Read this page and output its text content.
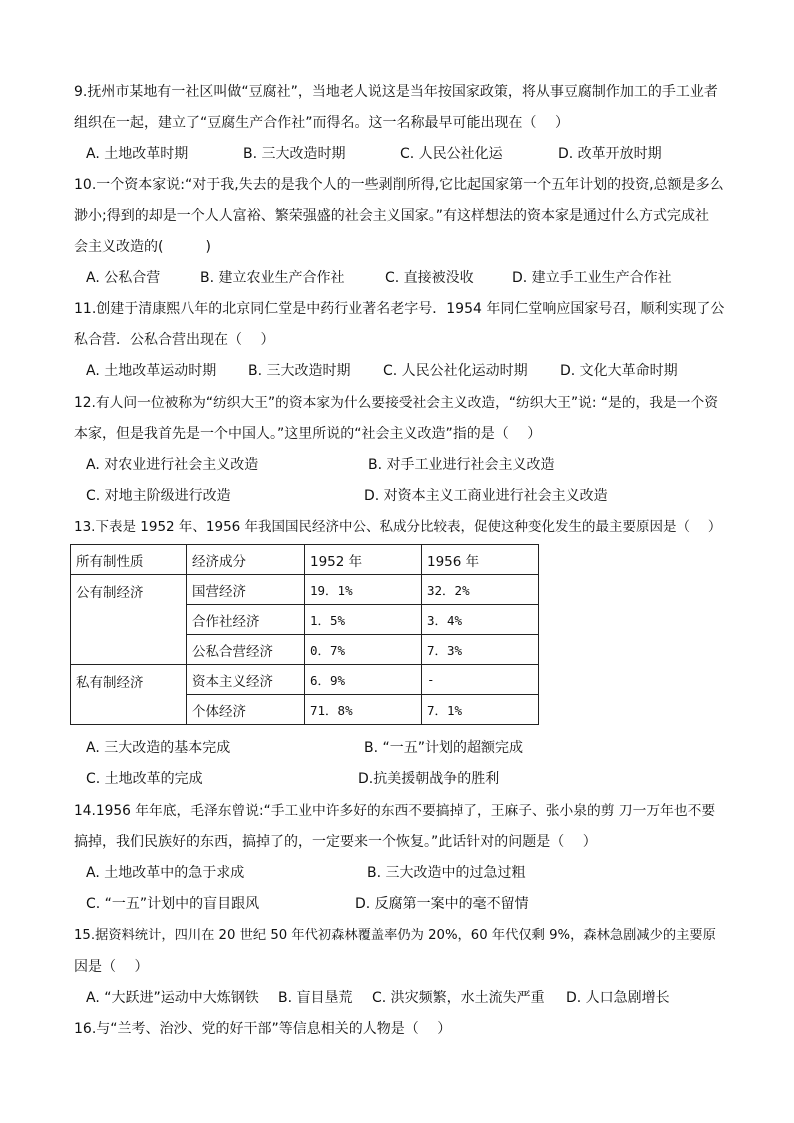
9.抚州市某地有一社区叫做“豆腐社”，当地老人说这是当年按国家政策，将从事豆腐制作加工的手工业者
组织在一起，建立了“豆腐生产合作社”而得名。这一名称最早可能出现在（　 ）
A. 土地改革时期	B. 三大改造时期	C. 人民公社化运	D. 改革开放时期
10.一个资本家说:“对于我,失去的是我个人的一些剥削所得,它比起国家第一个五年计划的投资,总额是多么
渺小;得到的却是一个人人富裕、繁荣强盛的社会主义国家。”有这样想法的资本家是通过什么方式完成社
会主义改造的(　　　)
A. 公私合营	B. 建立农业生产合作社	C. 直接被没收	D. 建立手工业生产合作社
11.创建于清康熙八年的北京同仁堂是中药行业著名老字号．1954 年同仁堂响应国家号召，顺利实现了公
私合营．公私合营出现在（　 ）
A. 土地改革运动时期 B. 三大改造时期 C. 人民公社化运动时期 D. 文化大革命时期
12.有人问一位被称为“纺织大王”的资本家为什么要接受社会主义改造，“纺织大王”说: “是的，我是一个资
本家，但是我首先是一个中国人。”这里所说的“社会主义改造”指的是（　 ）
A. 对农业进行社会主义改造	B. 对手工业进行社会主义改造
C. 对地主阶级进行改造	D. 对资本主义工商业进行社会主义改造
13.下表是 1952 年、1956 年我国国民经济中公、私成分比较表，促使这种变化发生的最主要原因是（　 ）
所有制性质	经济成分	1952 年	1956 年
公有制经济	国营经济	19．1%	32．2%
	合作社经济	1．5%	3．4%
	公私合营经济	0．7%	7．3%
私有制经济	资本主义经济	6．9%	-
	个体经济	71．8%	7．1%
A. 三大改造的基本完成	B. “一五”计划的超额完成
C. 土地改革的完成	D.抗美援朝战争的胜利
14.1956 年年底，毛泽东曾说:“手工业中许多好的东西不要搞掉了，王麻子、张小泉的剪 刀一万年也不要
搞掉，我们民族好的东西，搞掉了的，一定要来一个恢复。”此话针对的问题是（　 ）
A. 土地改革中的急于求成	B. 三大改造中的过急过粗
C. “一五”计划中的盲目跟风	D. 反腐第一案中的毫不留情
15.据资料统计，四川在 20 世纪 50 年代初森林覆盖率仍为 20%，60 年代仅剩 9%，森林急剧减少的主要原
因是（　 ）
A. “大跃进”运动中大炼钢铁 B. 盲目垦荒 C. 洪灾频繁，水土流失严重 D. 人口急剧增长
16.与“兰考、治沙、党的好干部”等信息相关的人物是（　 ）
